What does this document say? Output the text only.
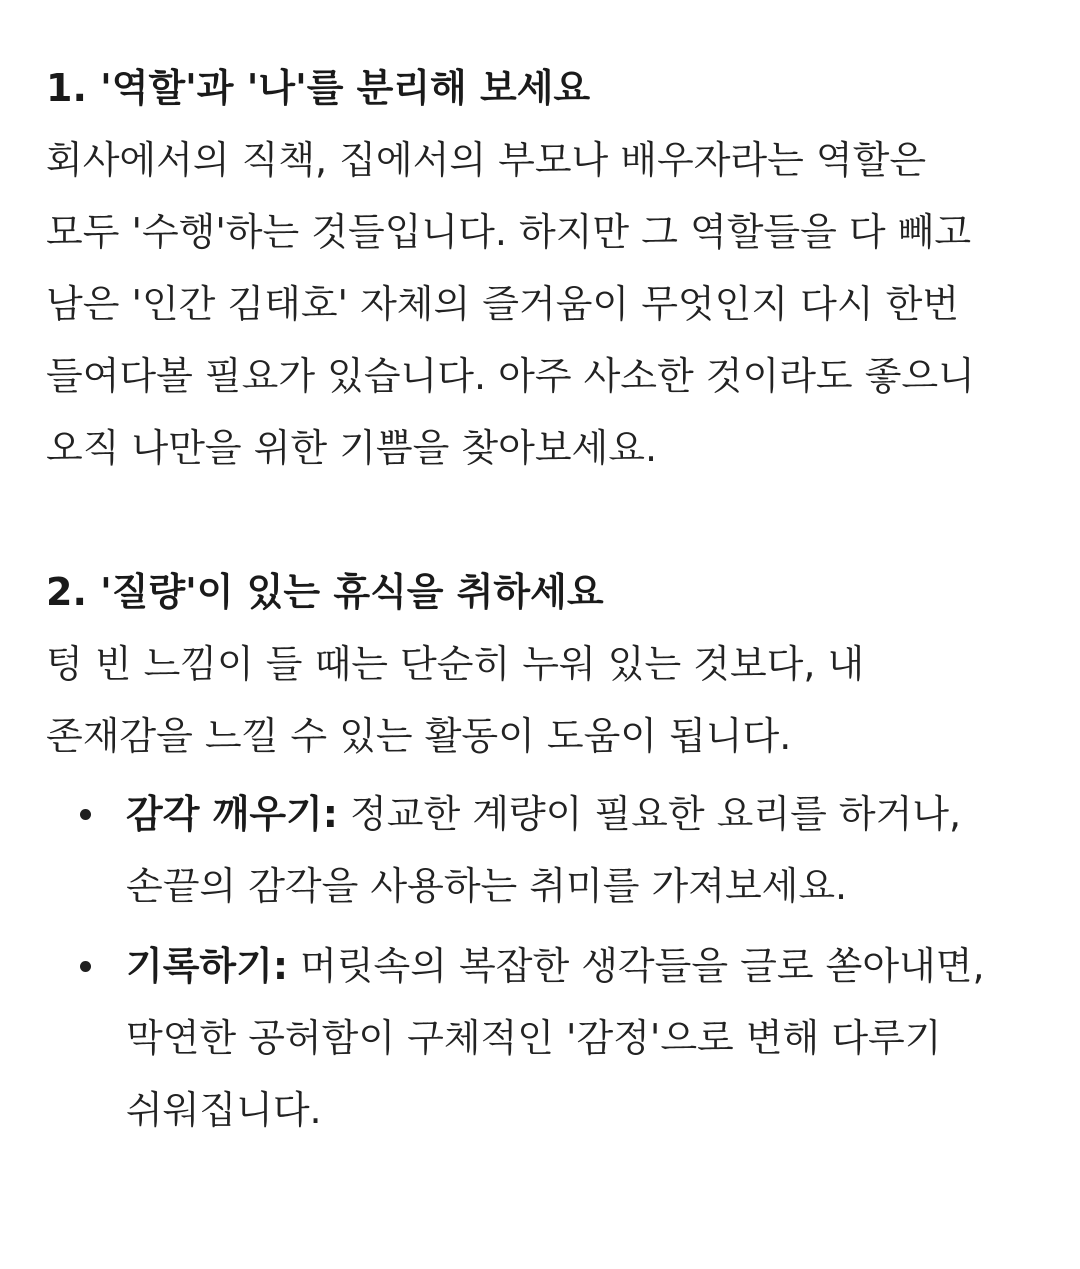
1. '역할'과 '나'를 분리해 보세요

회사에서의 직책, 집에서의 부모나 배우자라는 역할은
모두 '수행'하는 것들입니다. 하지만 그 역할들을 다 빼고
남은 '인간 김태호' 자체의 즐거움이 무엇인지 다시 한번
들여다볼 필요가 있습니다. 아주 사소한 것이라도 좋으니
오직 나만을 위한 기쁨을 찾아보세요.

2. '질량'이 있는 휴식을 취하세요

텅 빈 느낌이 들 때는 단순히 누워 있는 것보다, 내
존재감을 느낄 수 있는 활동이 도움이 됩니다.

감각 깨우기: 정교한 계량이 필요한 요리를 하거나,
손끝의 감각을 사용하는 취미를 가져보세요.
기록하기: 머릿속의 복잡한 생각들을 글로 쏟아내면,
막연한 공허함이 구체적인 '감정'으로 변해 다루기
쉬워집니다.
